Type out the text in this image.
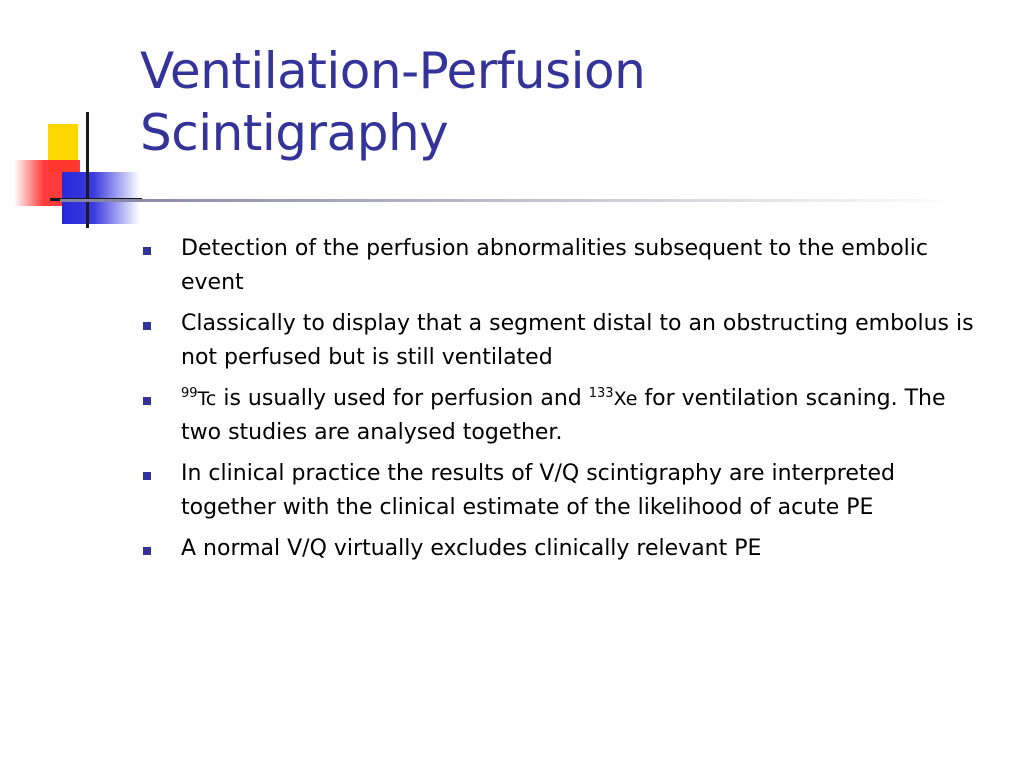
Ventilation-Perfusion
Scintigraphy
Detection of the perfusion abnormalities subsequent to the embolic event
Classically to display that a segment distal to an obstructing embolus is not perfused but is still ventilated
$^{99}$Tc is usually used for perfusion and $^{133}$Xe for ventilation scaning. The two studies are analysed together.
In clinical practice the results of V/Q scintigraphy are interpreted together with the clinical estimate of the likelihood of acute PE
A normal V/Q virtually excludes clinically relevant PE
